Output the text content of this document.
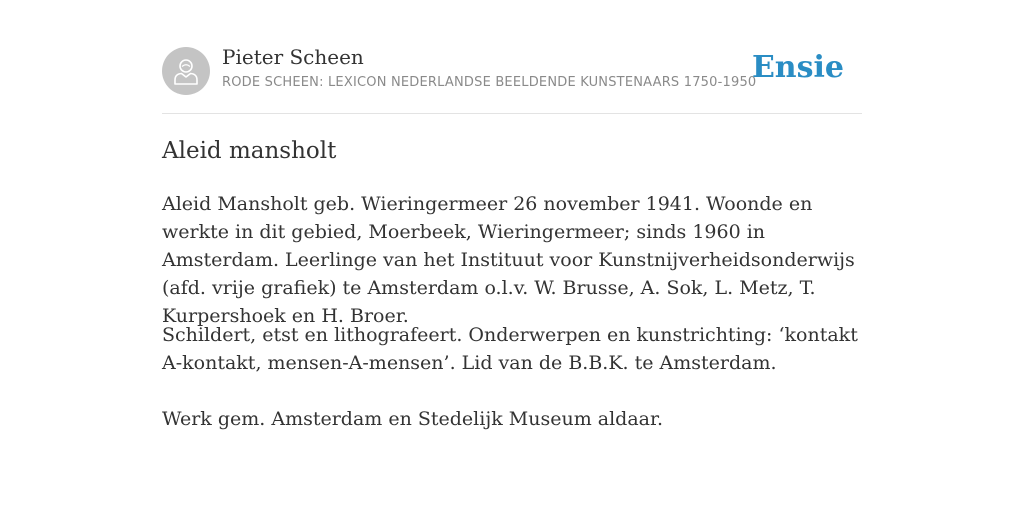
Pieter Scheen
RODE SCHEEN: LEXICON NEDERLANDSE BEELDENDE KUNSTENAARS 1750-1950
Ensie
Aleid mansholt

Aleid Mansholt geb. Wieringermeer 26 november 1941. Woonde en werkte in dit gebied, Moerbeek, Wieringermeer; sinds 1960 in Amsterdam. Leerlinge van het Instituut voor Kunstnijverheidsonderwijs (afd. vrije grafiek) te Amsterdam o.l.v. W. Brusse, A. Sok, L. Metz, T. Kurpershoek en H. Broer.

Schildert, etst en lithografeert. Onderwerpen en kunstrichting: ‘kontakt A-kontakt, mensen-A-mensen’. Lid van de B.B.K. te Amsterdam.

Werk gem. Amsterdam en Stedelijk Museum aldaar.
